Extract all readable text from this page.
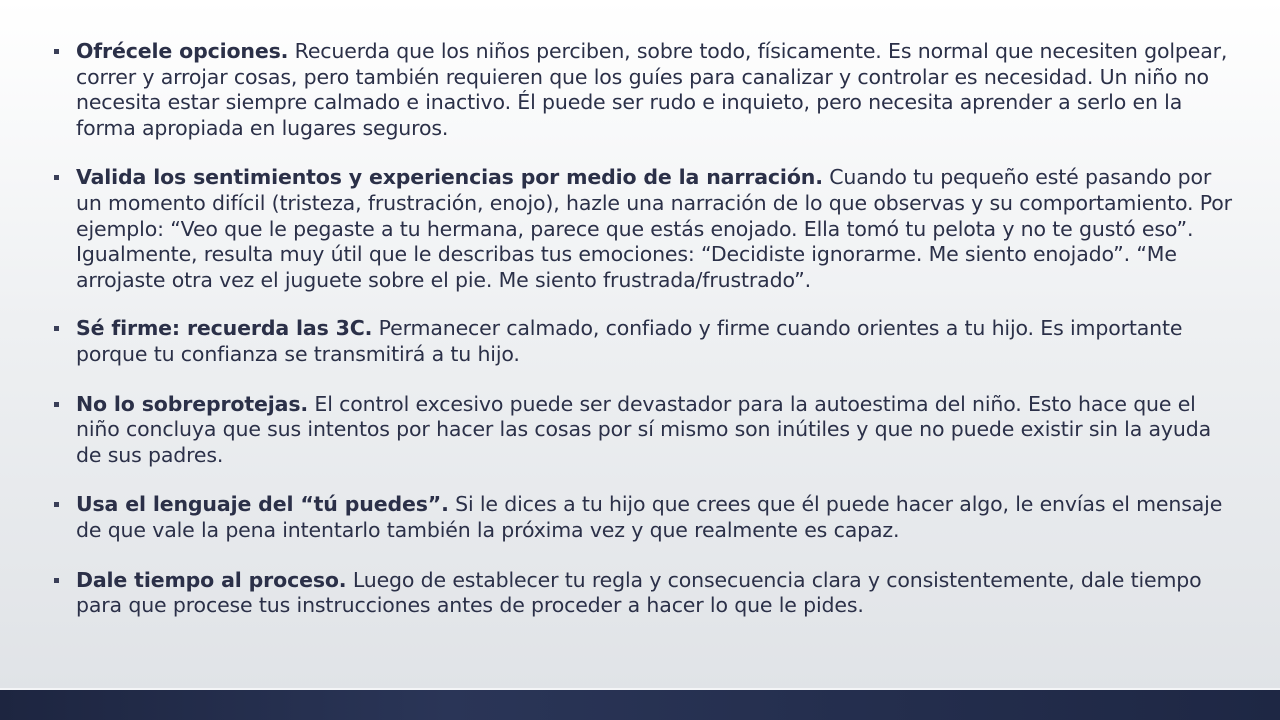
Ofrécele opciones. Recuerda que los niños perciben, sobre todo, físicamente. Es normal que necesiten golpear, correr y arrojar cosas, pero también requieren que los guíes para canalizar y controlar es necesidad. Un niño no necesita estar siempre calmado e inactivo. Él puede ser rudo e inquieto, pero necesita aprender a serlo en la forma apropiada en lugares seguros.
Valida los sentimientos y experiencias por medio de la narración. Cuando tu pequeño esté pasando por un momento difícil (tristeza, frustración, enojo), hazle una narración de lo que observas y su comportamiento. Por ejemplo: “Veo que le pegaste a tu hermana, parece que estás enojado. Ella tomó tu pelota y no te gustó eso”. Igualmente, resulta muy útil que le describas tus emociones: “Decidiste ignorarme. Me siento enojado”. “Me arrojaste otra vez el juguete sobre el pie. Me siento frustrada/frustrado”.
Sé firme: recuerda las 3C. Permanecer calmado, confiado y firme cuando orientes a tu hijo. Es importante porque tu confianza se transmitirá a tu hijo.
No lo sobreprotejas. El control excesivo puede ser devastador para la autoestima del niño. Esto hace que el niño concluya que sus intentos por hacer las cosas por sí mismo son inútiles y que no puede existir sin la ayuda de sus padres.
Usa el lenguaje del “tú puedes”. Si le dices a tu hijo que crees que él puede hacer algo, le envías el mensaje de que vale la pena intentarlo también la próxima vez y que realmente es capaz.
Dale tiempo al proceso. Luego de establecer tu regla y consecuencia clara y consistentemente, dale tiempo para que procese tus instrucciones antes de proceder a hacer lo que le pides.
